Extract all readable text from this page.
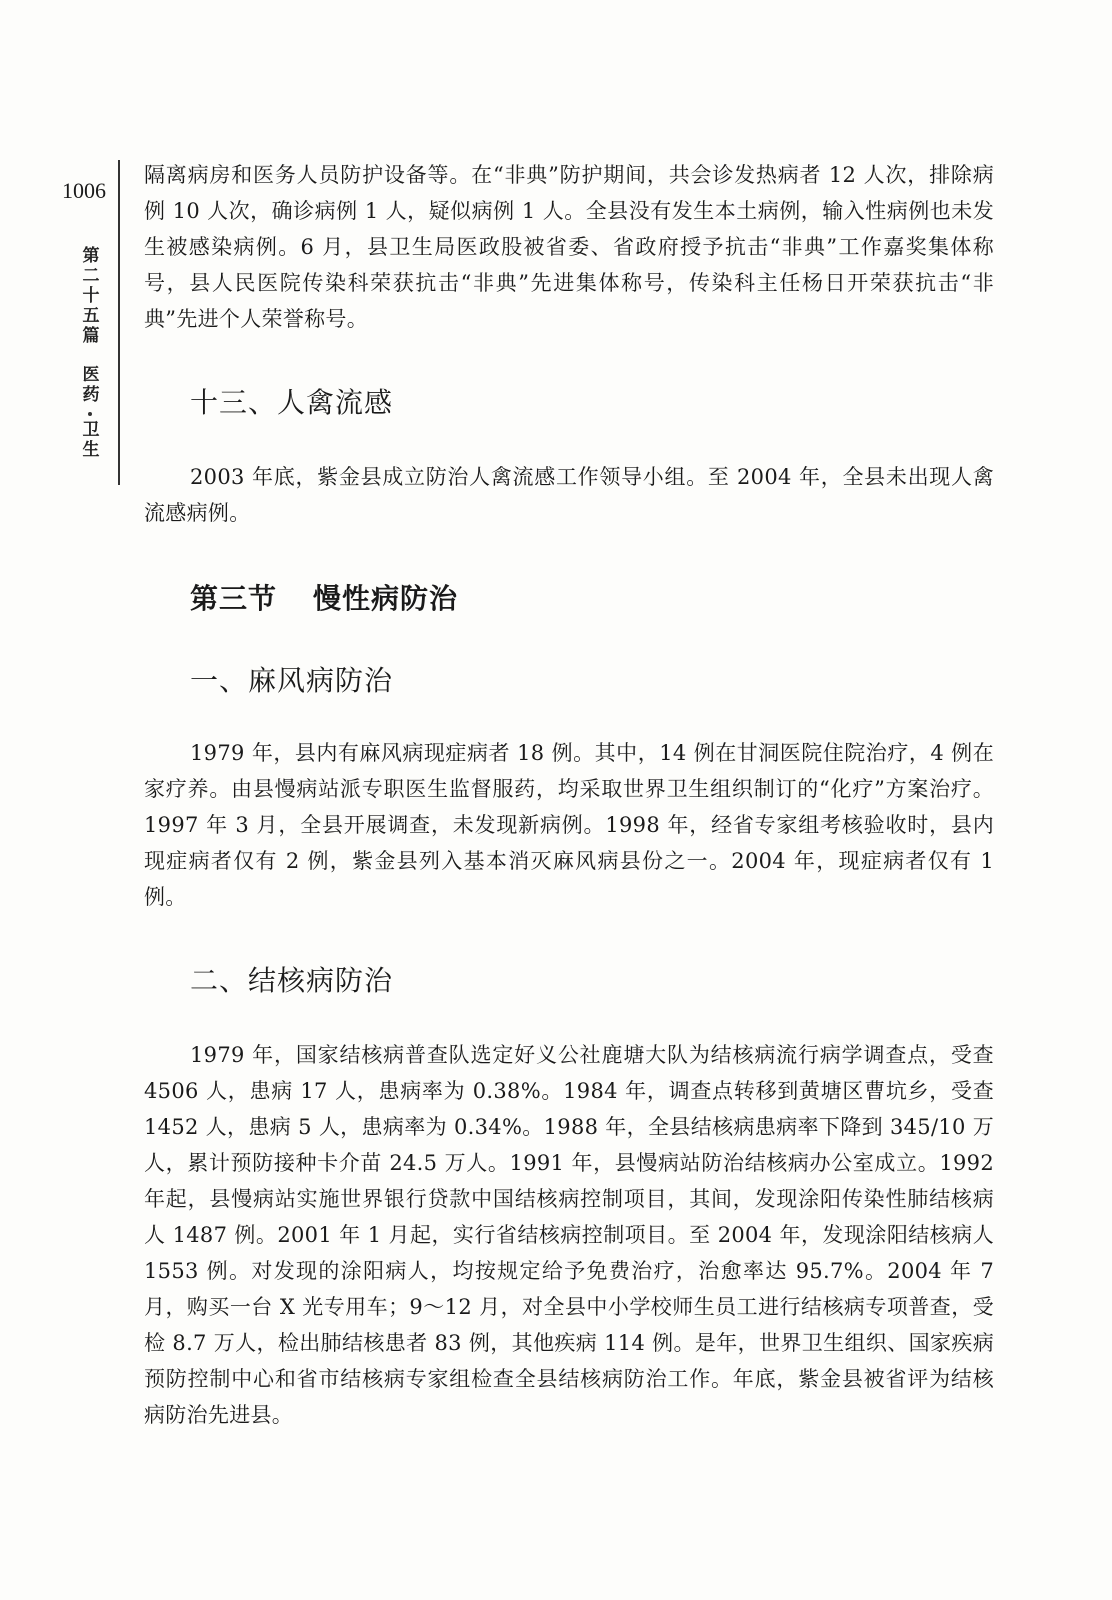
1006
第二十五篇
医药
卫生

隔离病房和医务人员防护设备等。在“非典”防护期间，共会诊发热病者 12 人次，排除病例 10 人次，确诊病例 1 人，疑似病例 1 人。全县没有发生本土病例，输入性病例也未发生被感染病例。6 月，县卫生局医政股被省委、省政府授予抗击“非典”工作嘉奖集体称号，县人民医院传染科荣获抗击“非典”先进集体称号，传染科主任杨日开荣获抗击“非典”先进个人荣誉称号。

十三、人禽流感

2003 年底，紫金县成立防治人禽流感工作领导小组。至 2004 年，全县未出现人禽流感病例。

第三节 慢性病防治
一、麻风病防治

1979 年，县内有麻风病现症病者 18 例。其中，14 例在甘洞医院住院治疗，4 例在家疗养。由县慢病站派专职医生监督服药，均采取世界卫生组织制订的“化疗”方案治疗。1997 年 3 月，全县开展调查，未发现新病例。1998 年，经省专家组考核验收时，县内现症病者仅有 2 例，紫金县列入基本消灭麻风病县份之一。2004 年，现症病者仅有 1 例。

二、结核病防治

1979 年，国家结核病普查队选定好义公社鹿塘大队为结核病流行病学调查点，受查 4506 人，患病 17 人，患病率为 0.38%。1984 年，调查点转移到黄塘区曹坑乡，受查 1452 人，患病 5 人，患病率为 0.34%。1988 年，全县结核病患病率下降到 345/10 万人，累计预防接种卡介苗 24.5 万人。1991 年，县慢病站防治结核病办公室成立。1992 年起，县慢病站实施世界银行贷款中国结核病控制项目，其间，发现涂阳传染性肺结核病人 1487 例。2001 年 1 月起，实行省结核病控制项目。至 2004 年，发现涂阳结核病人 1553 例。对发现的涂阳病人，均按规定给予免费治疗，治愈率达 95.7%。2004 年 7 月，购买一台 X 光专用车；9～12 月，对全县中小学校师生员工进行结核病专项普查，受检 8.7 万人，检出肺结核患者 83 例，其他疾病 114 例。是年，世界卫生组织、国家疾病预防控制中心和省市结核病专家组检查全县结核病防治工作。年底，紫金县被省评为结核病防治先进县。
